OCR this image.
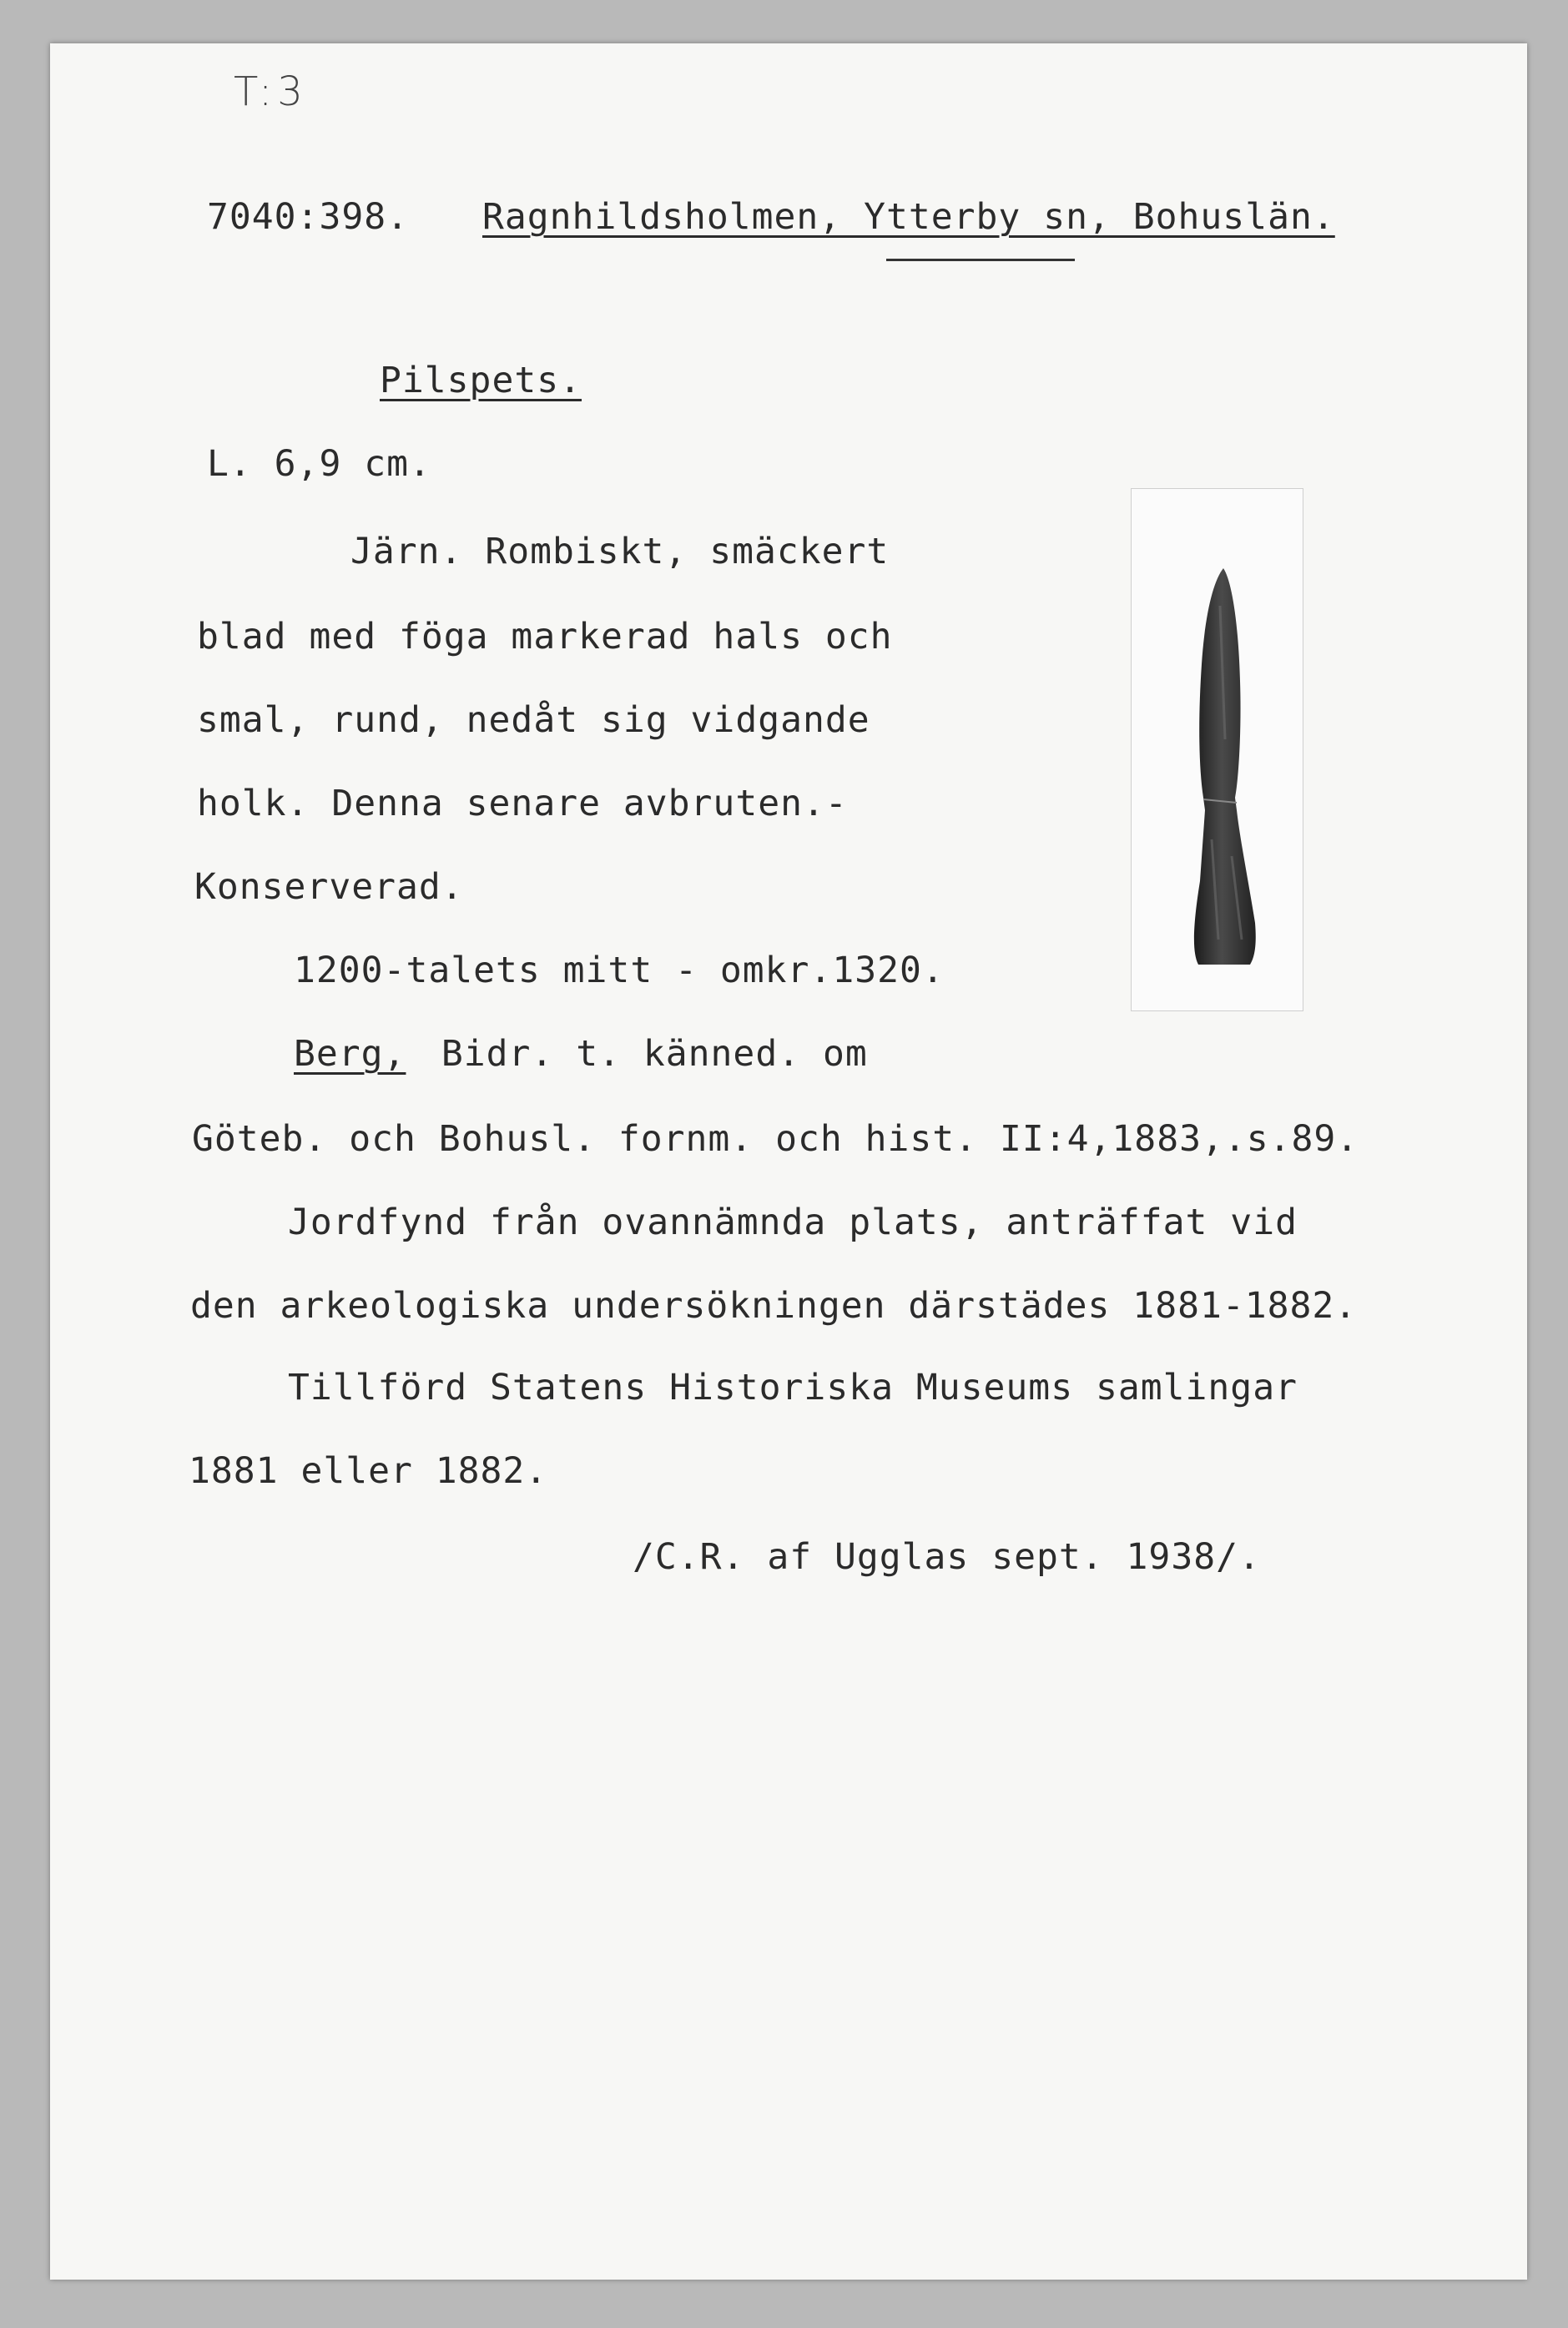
T:3
7040:398. Ragnhildsholmen, Ytterby sn, Bohuslän.
Pilspets.
L. 6,9 cm.
Järn. Rombiskt, smäckert
blad med föga markerad hals och
smal, rund, nedåt sig vidgande
holk. Denna senare avbruten.-
Konserverad.
1200-talets mitt - omkr.1320.
Berg, Bidr. t. känned. om
Göteb. och Bohusl. fornm. och hist. II:4,1883,.s.89.
Jordfynd från ovannämnda plats, anträffat vid
den arkeologiska undersökningen därstädes 1881-1882.
Tillförd Statens Historiska Museums samlingar
1881 eller 1882.
/C.R. af Ugglas sept. 1938/.
